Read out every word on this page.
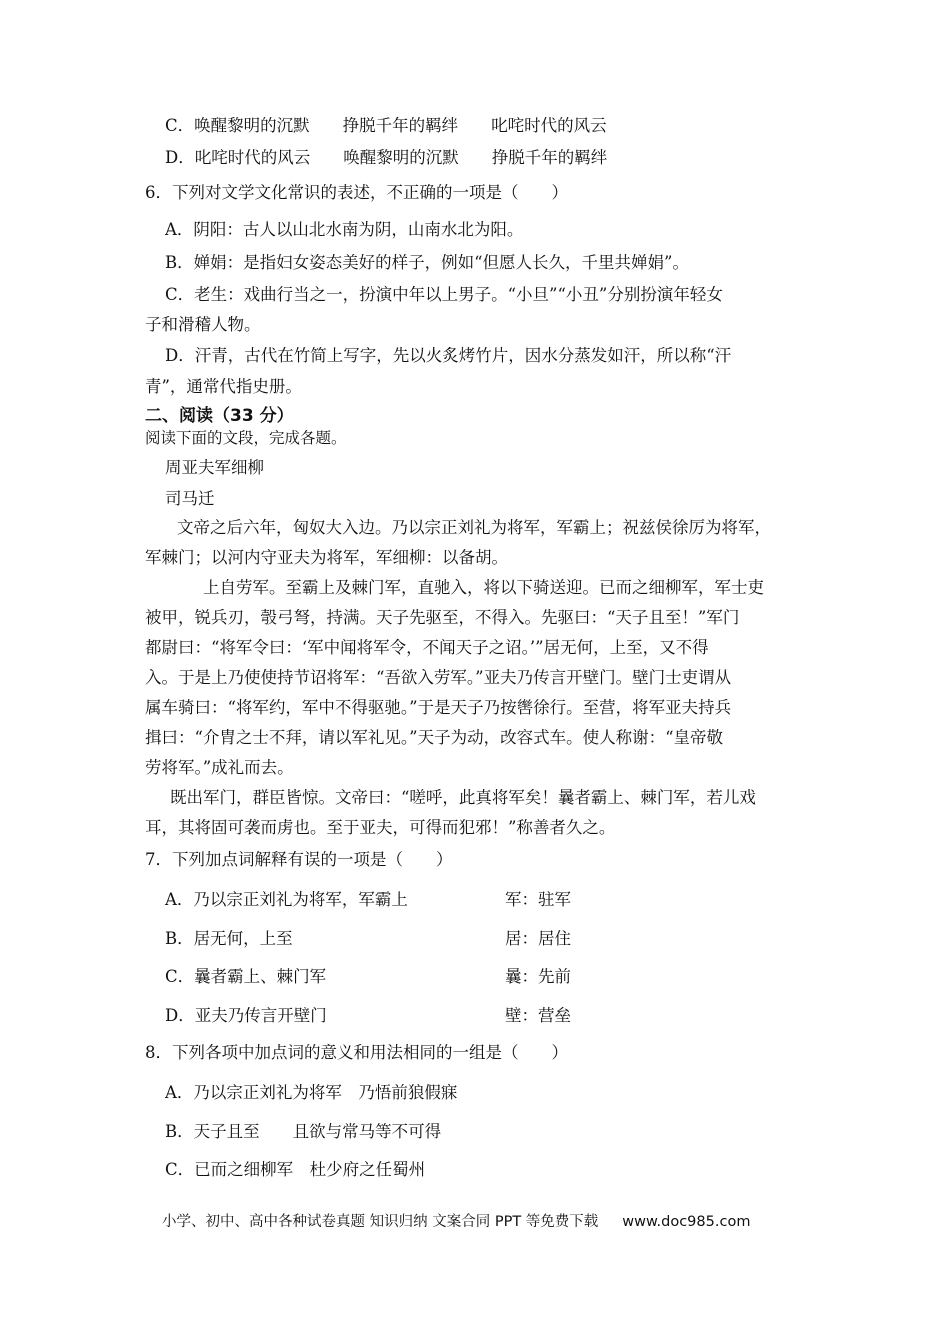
C．唤醒黎明的沉默　　挣脱千年的羁绊　　叱咤时代的风云
D．叱咤时代的风云　　唤醒黎明的沉默　　挣脱千年的羁绊
6．下列对文学文化常识的表述，不正确的一项是（　　）
A．阴阳：古人以山北水南为阴，山南水北为阳。
B．婵娟：是指妇女姿态美好的样子，例如“但愿人长久，千里共婵娟”。
C．老生：戏曲行当之一，扮演中年以上男子。“小旦”“小丑”分别扮演年轻女
子和滑稽人物。
D．汗青，古代在竹简上写字，先以火炙烤竹片，因水分蒸发如汗，所以称“汗
青”，通常代指史册。
二、阅读（33 分）
阅读下面的文段，完成各题。
周亚夫军细柳
司马迁
文帝之后六年，匈奴大入边。乃以宗正刘礼为将军，军霸上；祝兹侯徐厉为将军，
军棘门；以河内守亚夫为将军，军细柳：以备胡。
上自劳军。至霸上及棘门军，直驰入，将以下骑送迎。已而之细柳军，军士吏
被甲，锐兵刃，彀弓弩，持满。天子先驱至，不得入。先驱曰：“天子且至！”军门
都尉曰：“将军令曰：‘军中闻将军令，不闻天子之诏。’”居无何，上至，又不得
入。于是上乃使使持节诏将军：“吾欲入劳军。”亚夫乃传言开壁门。壁门士吏谓从
属车骑曰：“将军约，军中不得驱驰。”于是天子乃按辔徐行。至营，将军亚夫持兵
揖曰：“介胄之士不拜，请以军礼见。”天子为动，改容式车。使人称谢：“皇帝敬
劳将军。”成礼而去。
既出军门，群臣皆惊。文帝曰：“嗟呼，此真将军矣！曩者霸上、棘门军，若儿戏
耳，其将固可袭而虏也。至于亚夫，可得而犯邪！”称善者久之。
7．下列加点词解释有误的一项是（　　）
A．乃以宗正刘礼为将军，军霸上	军：驻军
B．居无何，上至	居：居住
C．曩者霸上、棘门军	曩：先前
D．亚夫乃传言开壁门	壁：营垒
8．下列各项中加点词的意义和用法相同的一组是（　　）
A．乃以宗正刘礼为将军　乃悟前狼假寐
B．天子且至　　且欲与常马等不可得
C．已而之细柳军　杜少府之任蜀州
小学、初中、高中各种试卷真题 知识归纳 文案合同 PPT 等免费下载 www.doc985.com
